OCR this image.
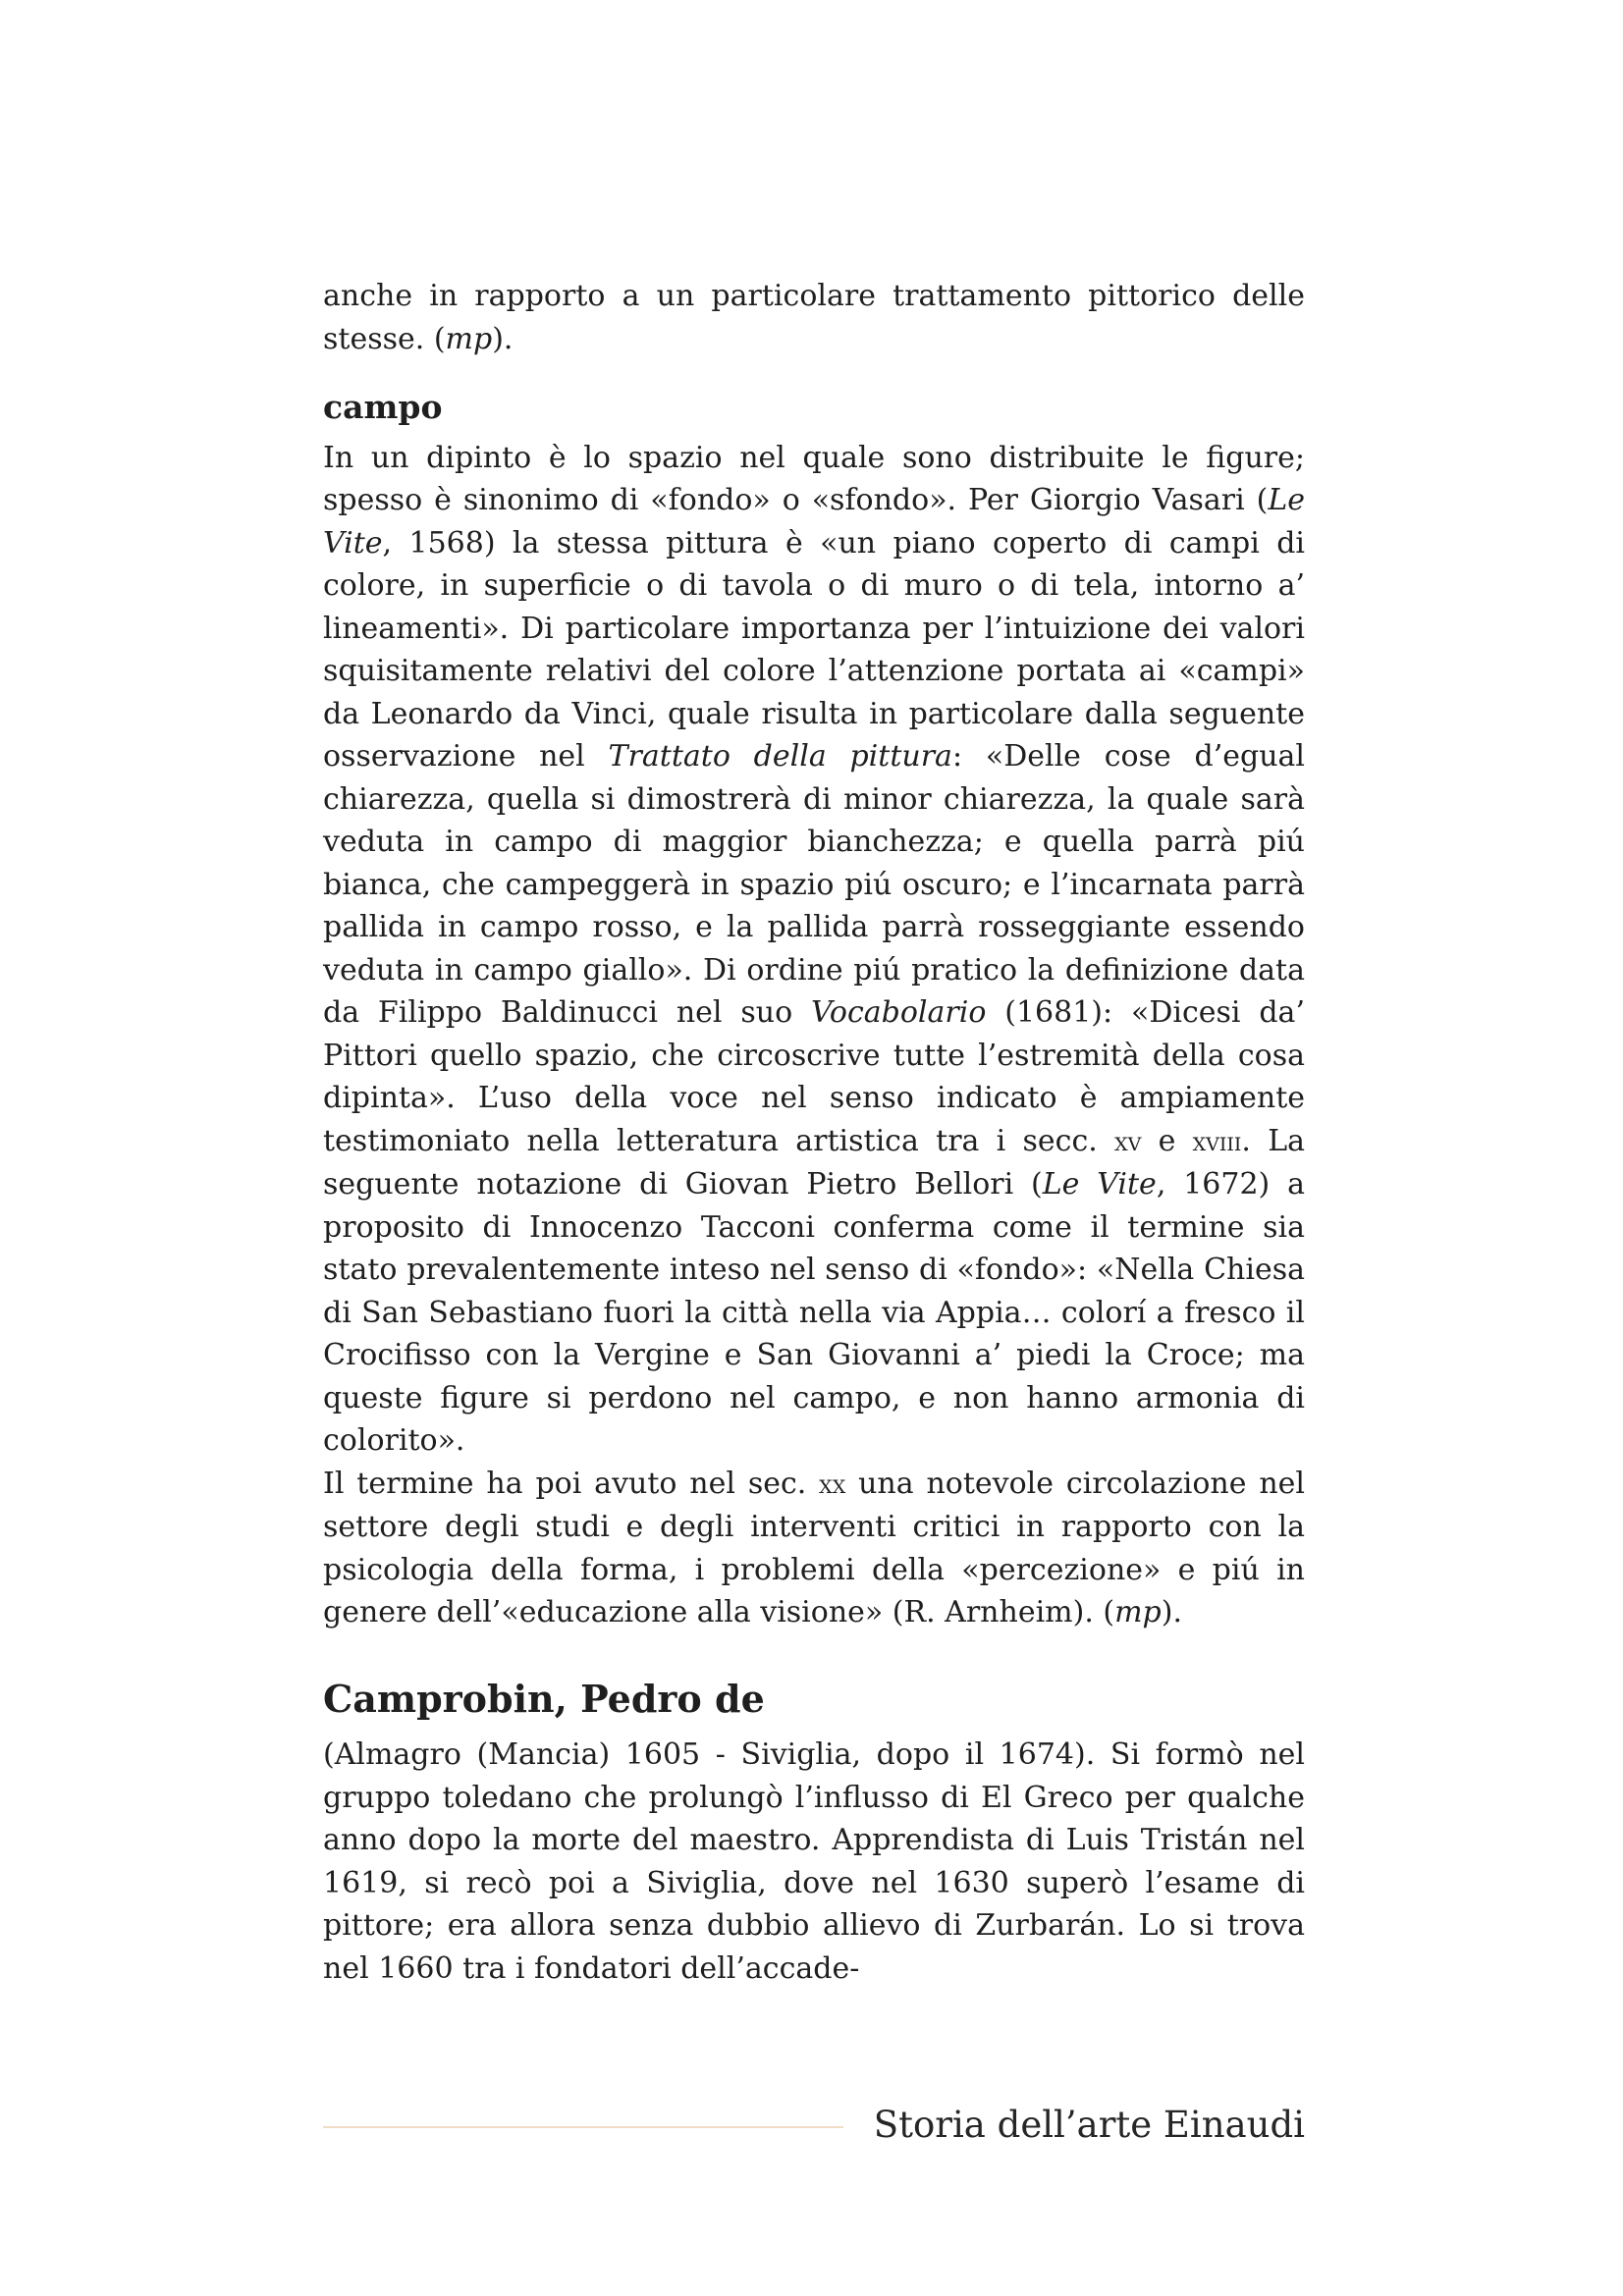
anche in rapporto a un particolare trattamento pittorico delle stesse. (mp).

campo

In un dipinto è lo spazio nel quale sono distribuite le figure; spesso è sinonimo di «fondo» o «sfondo». Per Giorgio Vasari (Le Vite, 1568) la stessa pittura è «un piano coperto di campi di colore, in superficie o di tavola o di muro o di tela, intorno a’ lineamenti». Di particolare importanza per l’intuizione dei valori squisitamente relativi del colore l’attenzione portata ai «campi» da Leonardo da Vinci, quale risulta in particolare dalla seguente osservazione nel Trattato della pittura: «Delle cose d’egual chiarezza, quella si dimostrerà di minor chiarezza, la quale sarà veduta in campo di maggior bianchezza; e quella parrà piú bianca, che campeggerà in spazio piú oscuro; e l’incarnata parrà pallida in campo rosso, e la pallida parrà rosseggiante essendo veduta in campo giallo». Di ordine piú pratico la definizione data da Filippo Baldinucci nel suo Vocabolario (1681): «Dicesi da’ Pittori quello spazio, che circoscrive tutte l’estremità della cosa dipinta». L’uso della voce nel senso indicato è ampiamente testimoniato nella letteratura artistica tra i secc. xv e xviii. La seguente notazione di Giovan Pietro Bellori (Le Vite, 1672) a proposito di Innocenzo Tacconi conferma come il termine sia stato prevalentemente inteso nel senso di «fondo»: «Nella Chiesa di San Sebastiano fuori la città nella via Appia… colorí a fresco il Crocifisso con la Vergine e San Giovanni a’ piedi la Croce; ma queste figure si perdono nel campo, e non hanno armonia di colorito».

Il termine ha poi avuto nel sec. xx una notevole circolazione nel settore degli studi e degli interventi critici in rapporto con la psicologia della forma, i problemi della «percezione» e piú in genere dell’«educazione alla visione» (R. Arnheim). (mp).

Camprobin, Pedro de

(Almagro (Mancia) 1605 - Siviglia, dopo il 1674). Si formò nel gruppo toledano che prolungò l’influsso di El Greco per qualche anno dopo la morte del maestro. Apprendista di Luis Tristán nel 1619, si recò poi a Siviglia, dove nel 1630 superò l’esame di pittore; era allora senza dubbio allievo di Zurbarán. Lo si trova nel 1660 tra i fondatori dell’accade-

Storia dell’arte Einaudi
